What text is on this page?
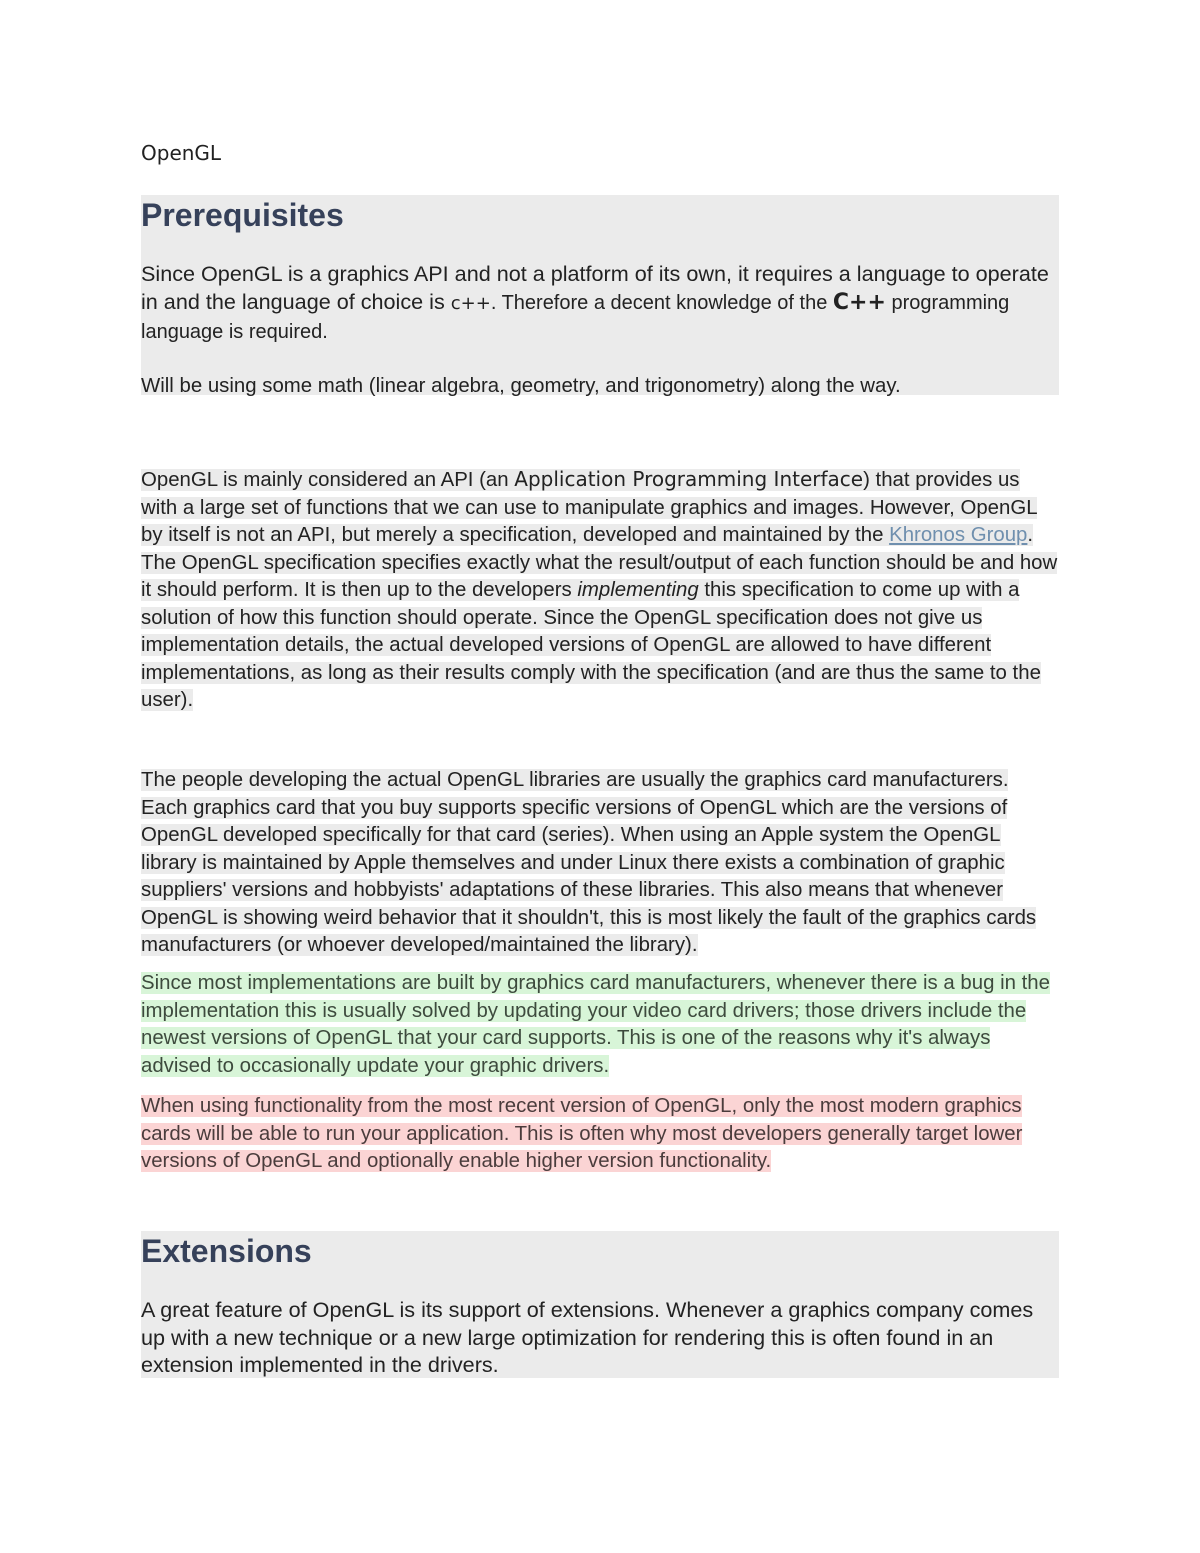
OpenGL
Prerequisites

Since OpenGL is a graphics API and not a platform of its own, it requires a language to operate in and the language of choice is c++. Therefore a decent knowledge of the C++ programming language is required.

Will be using some math (linear algebra, geometry, and trigonometry) along the way.

OpenGL is mainly considered an API (an Application Programming Interface) that provides us with a large set of functions that we can use to manipulate graphics and images. However, OpenGL by itself is not an API, but merely a specification, developed and maintained by the Khronos Group. The OpenGL specification specifies exactly what the result/output of each function should be and how it should perform. It is then up to the developers implementing this specification to come up with a solution of how this function should operate. Since the OpenGL specification does not give us implementation details, the actual developed versions of OpenGL are allowed to have different implementations, as long as their results comply with the specification (and are thus the same to the user).

The people developing the actual OpenGL libraries are usually the graphics card manufacturers. Each graphics card that you buy supports specific versions of OpenGL which are the versions of OpenGL developed specifically for that card (series). When using an Apple system the OpenGL library is maintained by Apple themselves and under Linux there exists a combination of graphic suppliers' versions and hobbyists' adaptations of these libraries. This also means that whenever OpenGL is showing weird behavior that it shouldn't, this is most likely the fault of the graphics cards manufacturers (or whoever developed/maintained the library).

Since most implementations are built by graphics card manufacturers, whenever there is a bug in the implementation this is usually solved by updating your video card drivers; those drivers include the newest versions of OpenGL that your card supports. This is one of the reasons why it's always advised to occasionally update your graphic drivers.

When using functionality from the most recent version of OpenGL, only the most modern graphics cards will be able to run your application. This is often why most developers generally target lower versions of OpenGL and optionally enable higher version functionality.

Extensions

A great feature of OpenGL is its support of extensions. Whenever a graphics company comes up with a new technique or a new large optimization for rendering this is often found in an extension implemented in the drivers.
